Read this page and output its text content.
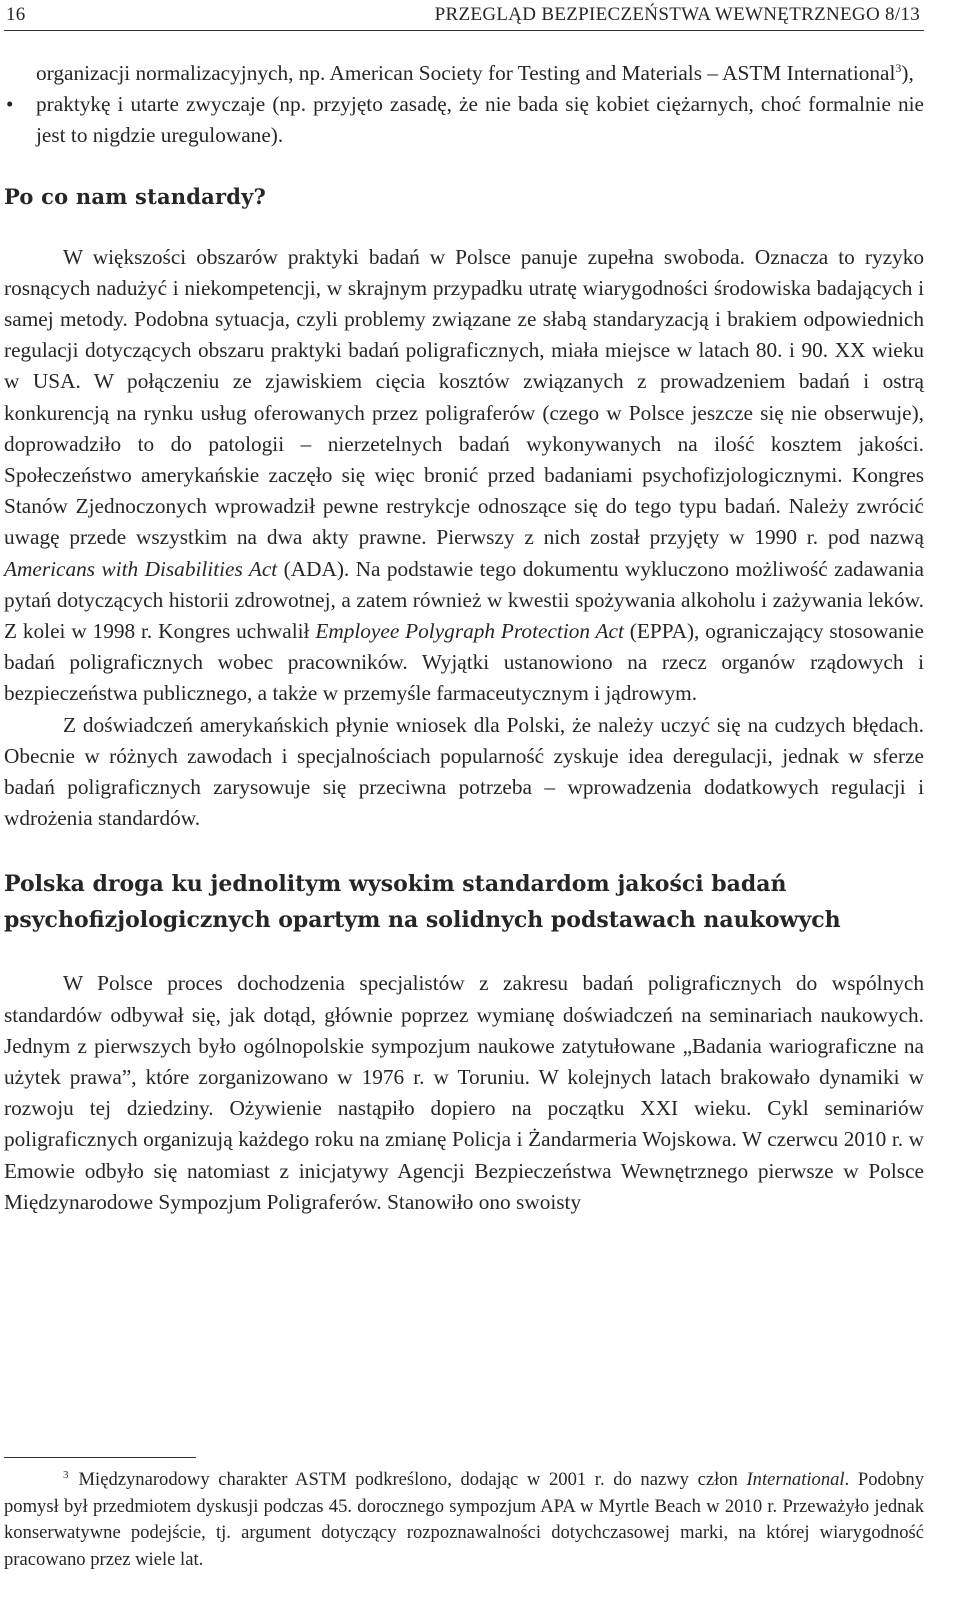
16	PRZEGLĄD BEZPIECZEŃSTWA WEWNĘTRZNEGO 8/13

organizacji normalizacyjnych, np. American Society for Testing and Materials – ASTM International$^3$),

• praktykę i utarte zwyczaje (np. przyjęto zasadę, że nie bada się kobiet ciężarnych, choć formalnie nie jest to nigdzie uregulowane).

Po co nam standardy?

W większości obszarów praktyki badań w Polsce panuje zupełna swoboda. Oznacza to ryzyko rosnących nadużyć i niekompetencji, w skrajnym przypadku utratę wiarygodności środowiska badających i samej metody. Podobna sytuacja, czyli problemy związane ze słabą standaryzacją i brakiem odpowiednich regulacji dotyczących obszaru praktyki badań poligraficznych, miała miejsce w latach 80. i 90. XX wieku w USA. W połączeniu ze zjawiskiem cięcia kosztów związanych z prowadzeniem badań i ostrą konkurencją na rynku usług oferowanych przez poligraferów (czego w Polsce jeszcze się nie obserwuje), doprowadziło to do patologii – nierzetelnych badań wykonywanych na ilość kosztem jakości. Społeczeństwo amerykańskie zaczęło się więc bronić przed badaniami psychofizjologicznymi. Kongres Stanów Zjednoczonych wprowadził pewne restrykcje odnoszące się do tego typu badań. Należy zwrócić uwagę przede wszystkim na dwa akty prawne. Pierwszy z nich został przyjęty w 1990 r. pod nazwą Americans with Disabilities Act (ADA). Na podstawie tego dokumentu wykluczono możliwość zadawania pytań dotyczących historii zdrowotnej, a zatem również w kwestii spożywania alkoholu i zażywania leków. Z kolei w 1998 r. Kongres uchwalił Employee Polygraph Protection Act (EPPA), ograniczający stosowanie badań poligraficznych wobec pracowników. Wyjątki ustanowiono na rzecz organów rządowych i bezpieczeństwa publicznego, a także w przemyśle farmaceutycznym i jądrowym.

Z doświadczeń amerykańskich płynie wniosek dla Polski, że należy uczyć się na cudzych błędach. Obecnie w różnych zawodach i specjalnościach popularność zyskuje idea deregulacji, jednak w sferze badań poligraficznych zarysowuje się przeciwna potrzeba – wprowadzenia dodatkowych regulacji i wdrożenia standardów.

Polska droga ku jednolitym wysokim standardom jakości badań psychofizjologicznych opartym na solidnych podstawach naukowych

W Polsce proces dochodzenia specjalistów z zakresu badań poligraficznych do wspólnych standardów odbywał się, jak dotąd, głównie poprzez wymianę doświadczeń na seminariach naukowych. Jednym z pierwszych było ogólnopolskie sympozjum naukowe zatytułowane „Badania wariograficzne na użytek prawa”, które zorganizowano w 1976 r. w Toruniu. W kolejnych latach brakowało dynamiki w rozwoju tej dziedziny. Ożywienie nastąpiło dopiero na początku XXI wieku. Cykl seminariów poligraficznych organizują każdego roku na zmianę Policja i Żandarmeria Wojskowa. W czerwcu 2010 r. w Emowie odbyło się natomiast z inicjatywy Agencji Bezpieczeństwa Wewnętrznego pierwsze w Polsce Międzynarodowe Sympozjum Poligraferów. Stanowiło ono swoisty

$^3$ Międzynarodowy charakter ASTM podkreślono, dodając w 2001 r. do nazwy człon International. Podobny pomysł był przedmiotem dyskusji podczas 45. dorocznego sympozjum APA w Myrtle Beach w 2010 r. Przeważyło jednak konserwatywne podejście, tj. argument dotyczący rozpoznawalności dotychczasowej marki, na której wiarygodność pracowano przez wiele lat.
